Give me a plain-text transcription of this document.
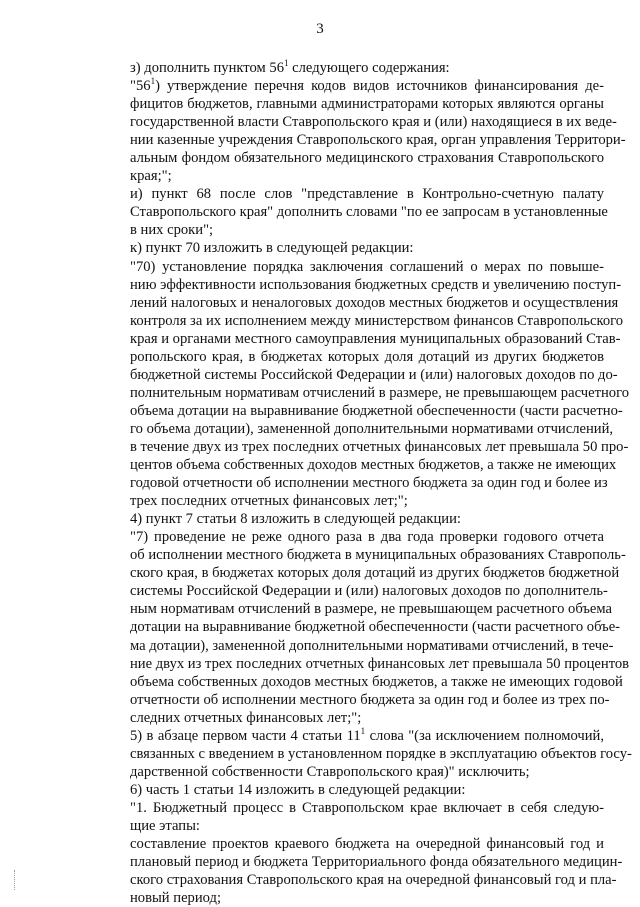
3

з) дополнить пунктом $56^1$ следующего содержания:

"$56^1$) утверждение перечня кодов видов источников финансирования де-
фицитов бюджетов, главными администраторами которых являются органы
государственной власти Ставропольского края и (или) находящиеся в их веде-
нии казенные учреждения Ставропольского края, орган управления Территори-
альным фондом обязательного медицинского страхования Ставропольского
края;";

и) пункт 68 после слов "представление в Контрольно-счетную палату
Ставропольского края" дополнить словами "по ее запросам в установленные
в них сроки";

к) пункт 70 изложить в следующей редакции:

"70) установление порядка заключения соглашений о мерах по повыше-
нию эффективности использования бюджетных средств и увеличению поступ-
лений налоговых и неналоговых доходов местных бюджетов и осуществления
контроля за их исполнением между министерством финансов Ставропольского
края и органами местного самоуправления муниципальных образований Став-
ропольского края, в бюджетах которых доля дотаций из других бюджетов
бюджетной системы Российской Федерации и (или) налоговых доходов по до-
полнительным нормативам отчислений в размере, не превышающем расчетного
объема дотации на выравнивание бюджетной обеспеченности (части расчетно-
го объема дотации), замененной дополнительными нормативами отчислений,
в течение двух из трех последних отчетных финансовых лет превышала 50 про-
центов объема собственных доходов местных бюджетов, а также не имеющих
годовой отчетности об исполнении местного бюджета за один год и более из
трех последних отчетных финансовых лет;";

4) пункт 7 статьи 8 изложить в следующей редакции:

"7) проведение не реже одного раза в два года проверки годового отчета
об исполнении местного бюджета в муниципальных образованиях Ставрополь-
ского края, в бюджетах которых доля дотаций из других бюджетов бюджетной
системы Российской Федерации и (или) налоговых доходов по дополнитель-
ным нормативам отчислений в размере, не превышающем расчетного объема
дотации на выравнивание бюджетной обеспеченности (части расчетного объе-
ма дотации), замененной дополнительными нормативами отчислений, в тече-
ние двух из трех последних отчетных финансовых лет превышала 50 процентов
объема собственных доходов местных бюджетов, а также не имеющих годовой
отчетности об исполнении местного бюджета за один год и более из трех по-
следних отчетных финансовых лет;";

5) в абзаце первом части 4 статьи $11^1$ слова "(за исключением полномочий,
связанных с введением в установленном порядке в эксплуатацию объектов госу-
дарственной собственности Ставропольского края)" исключить;

6) часть 1 статьи 14 изложить в следующей редакции:

"1. Бюджетный процесс в Ставропольском крае включает в себя следую-
щие этапы:

составление проектов краевого бюджета на очередной финансовый год и
плановый период и бюджета Территориального фонда обязательного медицин-
ского страхования Ставропольского края на очередной финансовый год и пла-
новый период;
